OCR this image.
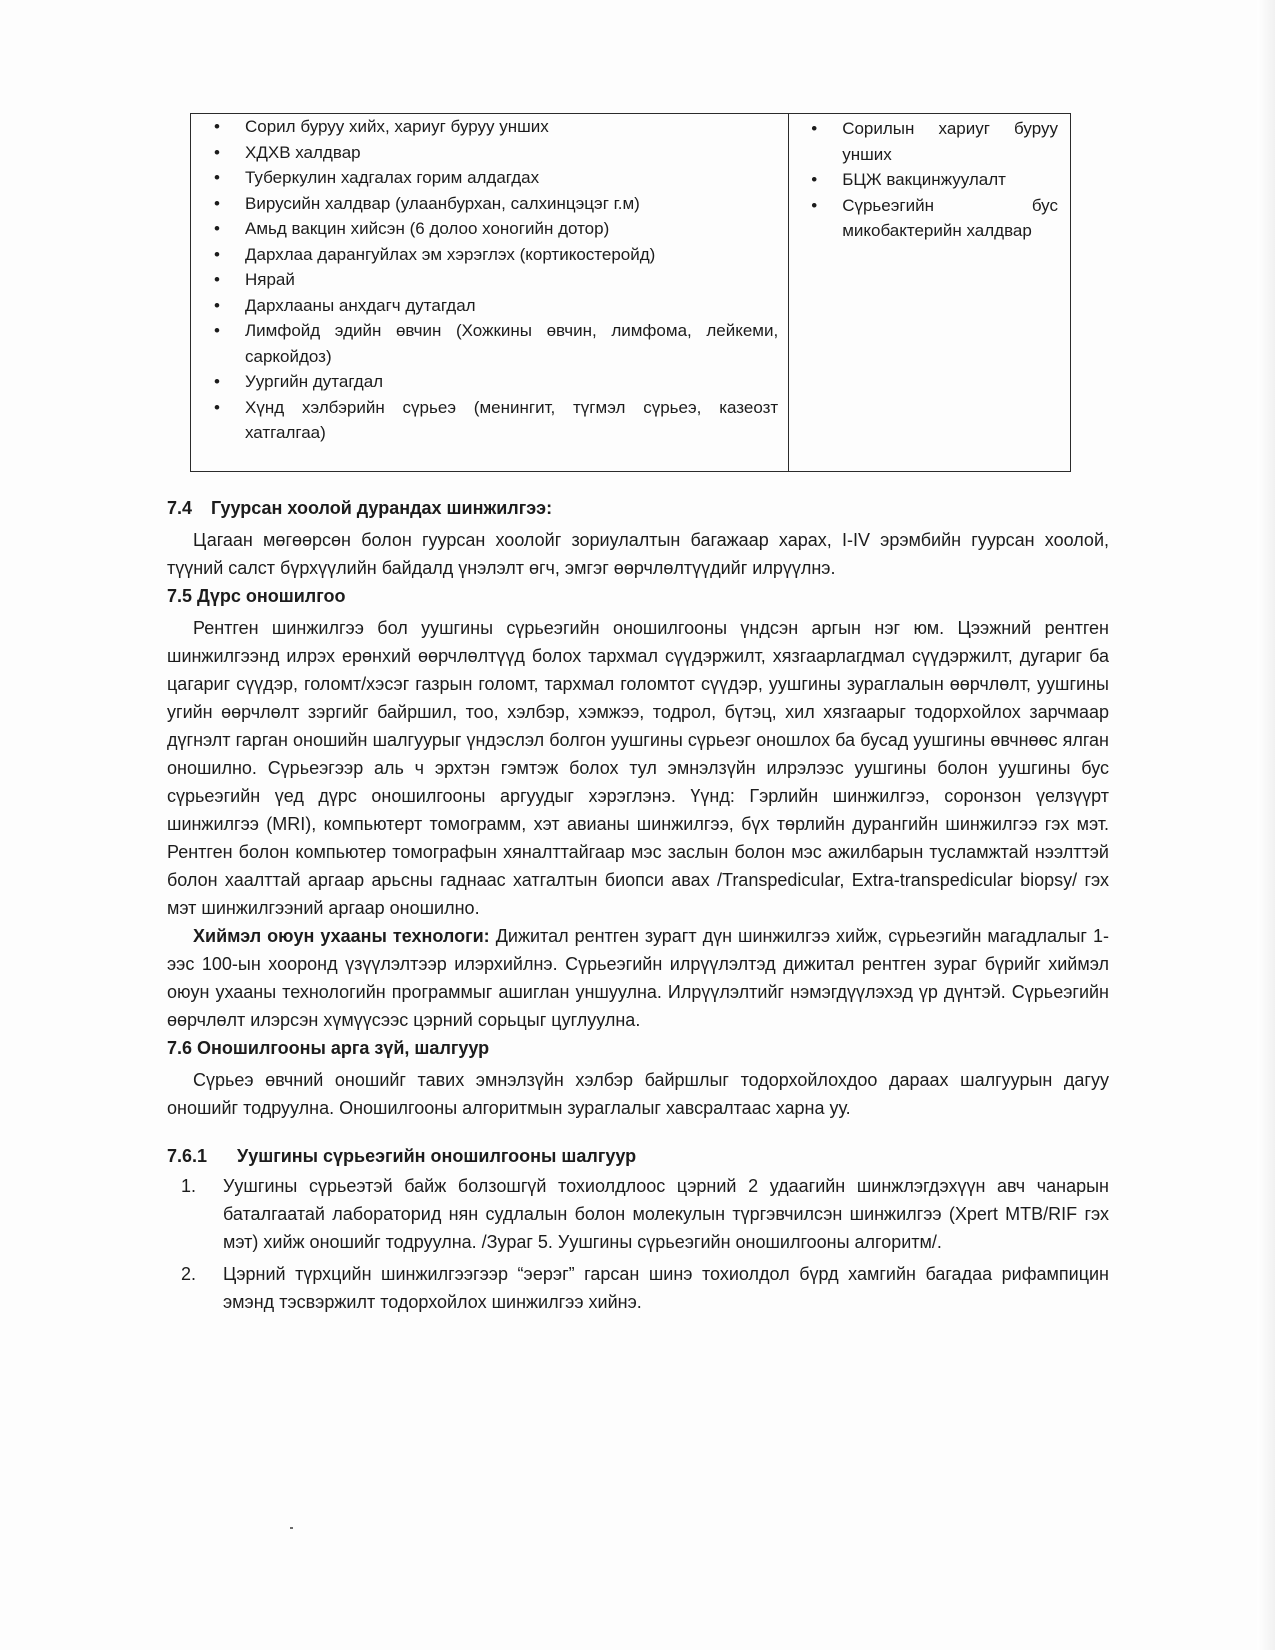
• Сорил буруу хийх, хариуг буруу унших
• ХДХВ халдвар
• Туберкулин хадгалах горим алдагдах
• Вирусийн халдвар (улаанбурхан, салхинцэцэг г.м)
• Амьд вакцин хийсэн (6 долоо хоногийн дотор)
• Дархлаа дарангуйлах эм хэрэглэх (кортикостеройд)
• Нярай
• Дархлааны анхдагч дутагдал
• Лимфойд эдийн өвчин (Хожкины өвчин, лимфома, лейкеми, саркойдоз)
• Уургийн дутагдал
• Хүнд хэлбэрийн сүрьеэ (менингит, түгмэл сүрьеэ, казеозт хатгалгаа)

• Сорилын хариуг буруу унших
• БЦЖ вакцинжуулалт
• Сүрьеэгийн бус микобактерийн халдвар
7.4 Гуурсан хоолой дурандах шинжилгээ:

Цагаан мөгөөрсөн болон гуурсан хоолойг зориулалтын багажаар харах, I-IV эрэмбийн гуурсан хоолой, түүний салст бүрхүүлийн байдалд үнэлэлт өгч, эмгэг өөрчлөлтүүдийг илрүүлнэ.

7.5 Дүрс оношилгоо

Рентген шинжилгээ бол уушгины сүрьеэгийн оношилгооны үндсэн аргын нэг юм. Цээжний рентген шинжилгээнд илрэх ерөнхий өөрчлөлтүүд болох тархмал сүүдэржилт, хязгаарлагдмал сүүдэржилт, дугариг ба цагариг сүүдэр, голомт/хэсэг газрын голомт, тархмал голомтот сүүдэр, уушгины зураглалын өөрчлөлт, уушгины угийн өөрчлөлт зэргийг байршил, тоо, хэлбэр, хэмжээ, тодрол, бүтэц, хил хязгаарыг тодорхойлох зарчмаар дүгнэлт гарган оношийн шалгуурыг үндэслэл болгон уушгины сүрьеэг оношлох ба бусад уушгины өвчнөөс ялган оношилно. Сүрьеэгээр аль ч эрхтэн гэмтэж болох тул эмнэлзүйн илрэлээс уушгины болон уушгины бус сүрьеэгийн үед дүрс оношилгооны аргуудыг хэрэглэнэ. Үүнд: Гэрлийн шинжилгээ, соронзон үелзүүрт шинжилгээ (MRI), компьютерт томограмм, хэт авианы шинжилгээ, бүх төрлийн дурангийн шинжилгээ гэх мэт. Рентген болон компьютер томографын хяналттайгаар мэс заслын болон мэс ажилбарын тусламжтай нээлттэй болон хаалттай аргаар арьсны гаднаас хатгалтын биопси авах /Transpedicular, Extra-transpedicular biopsy/ гэх мэт шинжилгээний аргаар оношилно.

Хиймэл оюун ухааны технологи: Дижитал рентген зурагт дүн шинжилгээ хийж, сүрьеэгийн магадлалыг 1-ээс 100-ын хооронд үзүүлэлтээр илэрхийлнэ. Сүрьеэгийн илрүүлэлтэд дижитал рентген зураг бүрийг хиймэл оюун ухааны технологийн программыг ашиглан уншуулна. Илрүүлэлтийг нэмэгдүүлэхэд үр дүнтэй. Сүрьеэгийн өөрчлөлт илэрсэн хүмүүсээс цэрний сорьцыг цуглуулна.

7.6 Оношилгооны арга зүй, шалгуур

Сүрьеэ өвчний оношийг тавих эмнэлзүйн хэлбэр байршлыг тодорхойлохдоо дараах шалгуурын дагуу оношийг тодруулна. Оношилгооны алгоритмын зураглалыг хавсралтаас харна уу.

7.6.1 Уушгины сүрьеэгийн оношилгооны шалгуур
1. Уушгины сүрьеэтэй байж болзошгүй тохиолдлоос цэрний 2 удаагийн шинжлэгдэхүүн авч чанарын баталгаатай лабораторид нян судлалын болон молекулын түргэвчилсэн шинжилгээ (Xpert MTB/RIF гэх мэт) хийж оношийг тодруулна. /Зураг 5. Уушгины сүрьеэгийн оношилгооны алгоритм/.
2. Цэрний түрхцийн шинжилгээгээр “эерэг” гарсан шинэ тохиолдол бүрд хамгийн багадаа рифампицин эмэнд тэсвэржилт тодорхойлох шинжилгээ хийнэ.
